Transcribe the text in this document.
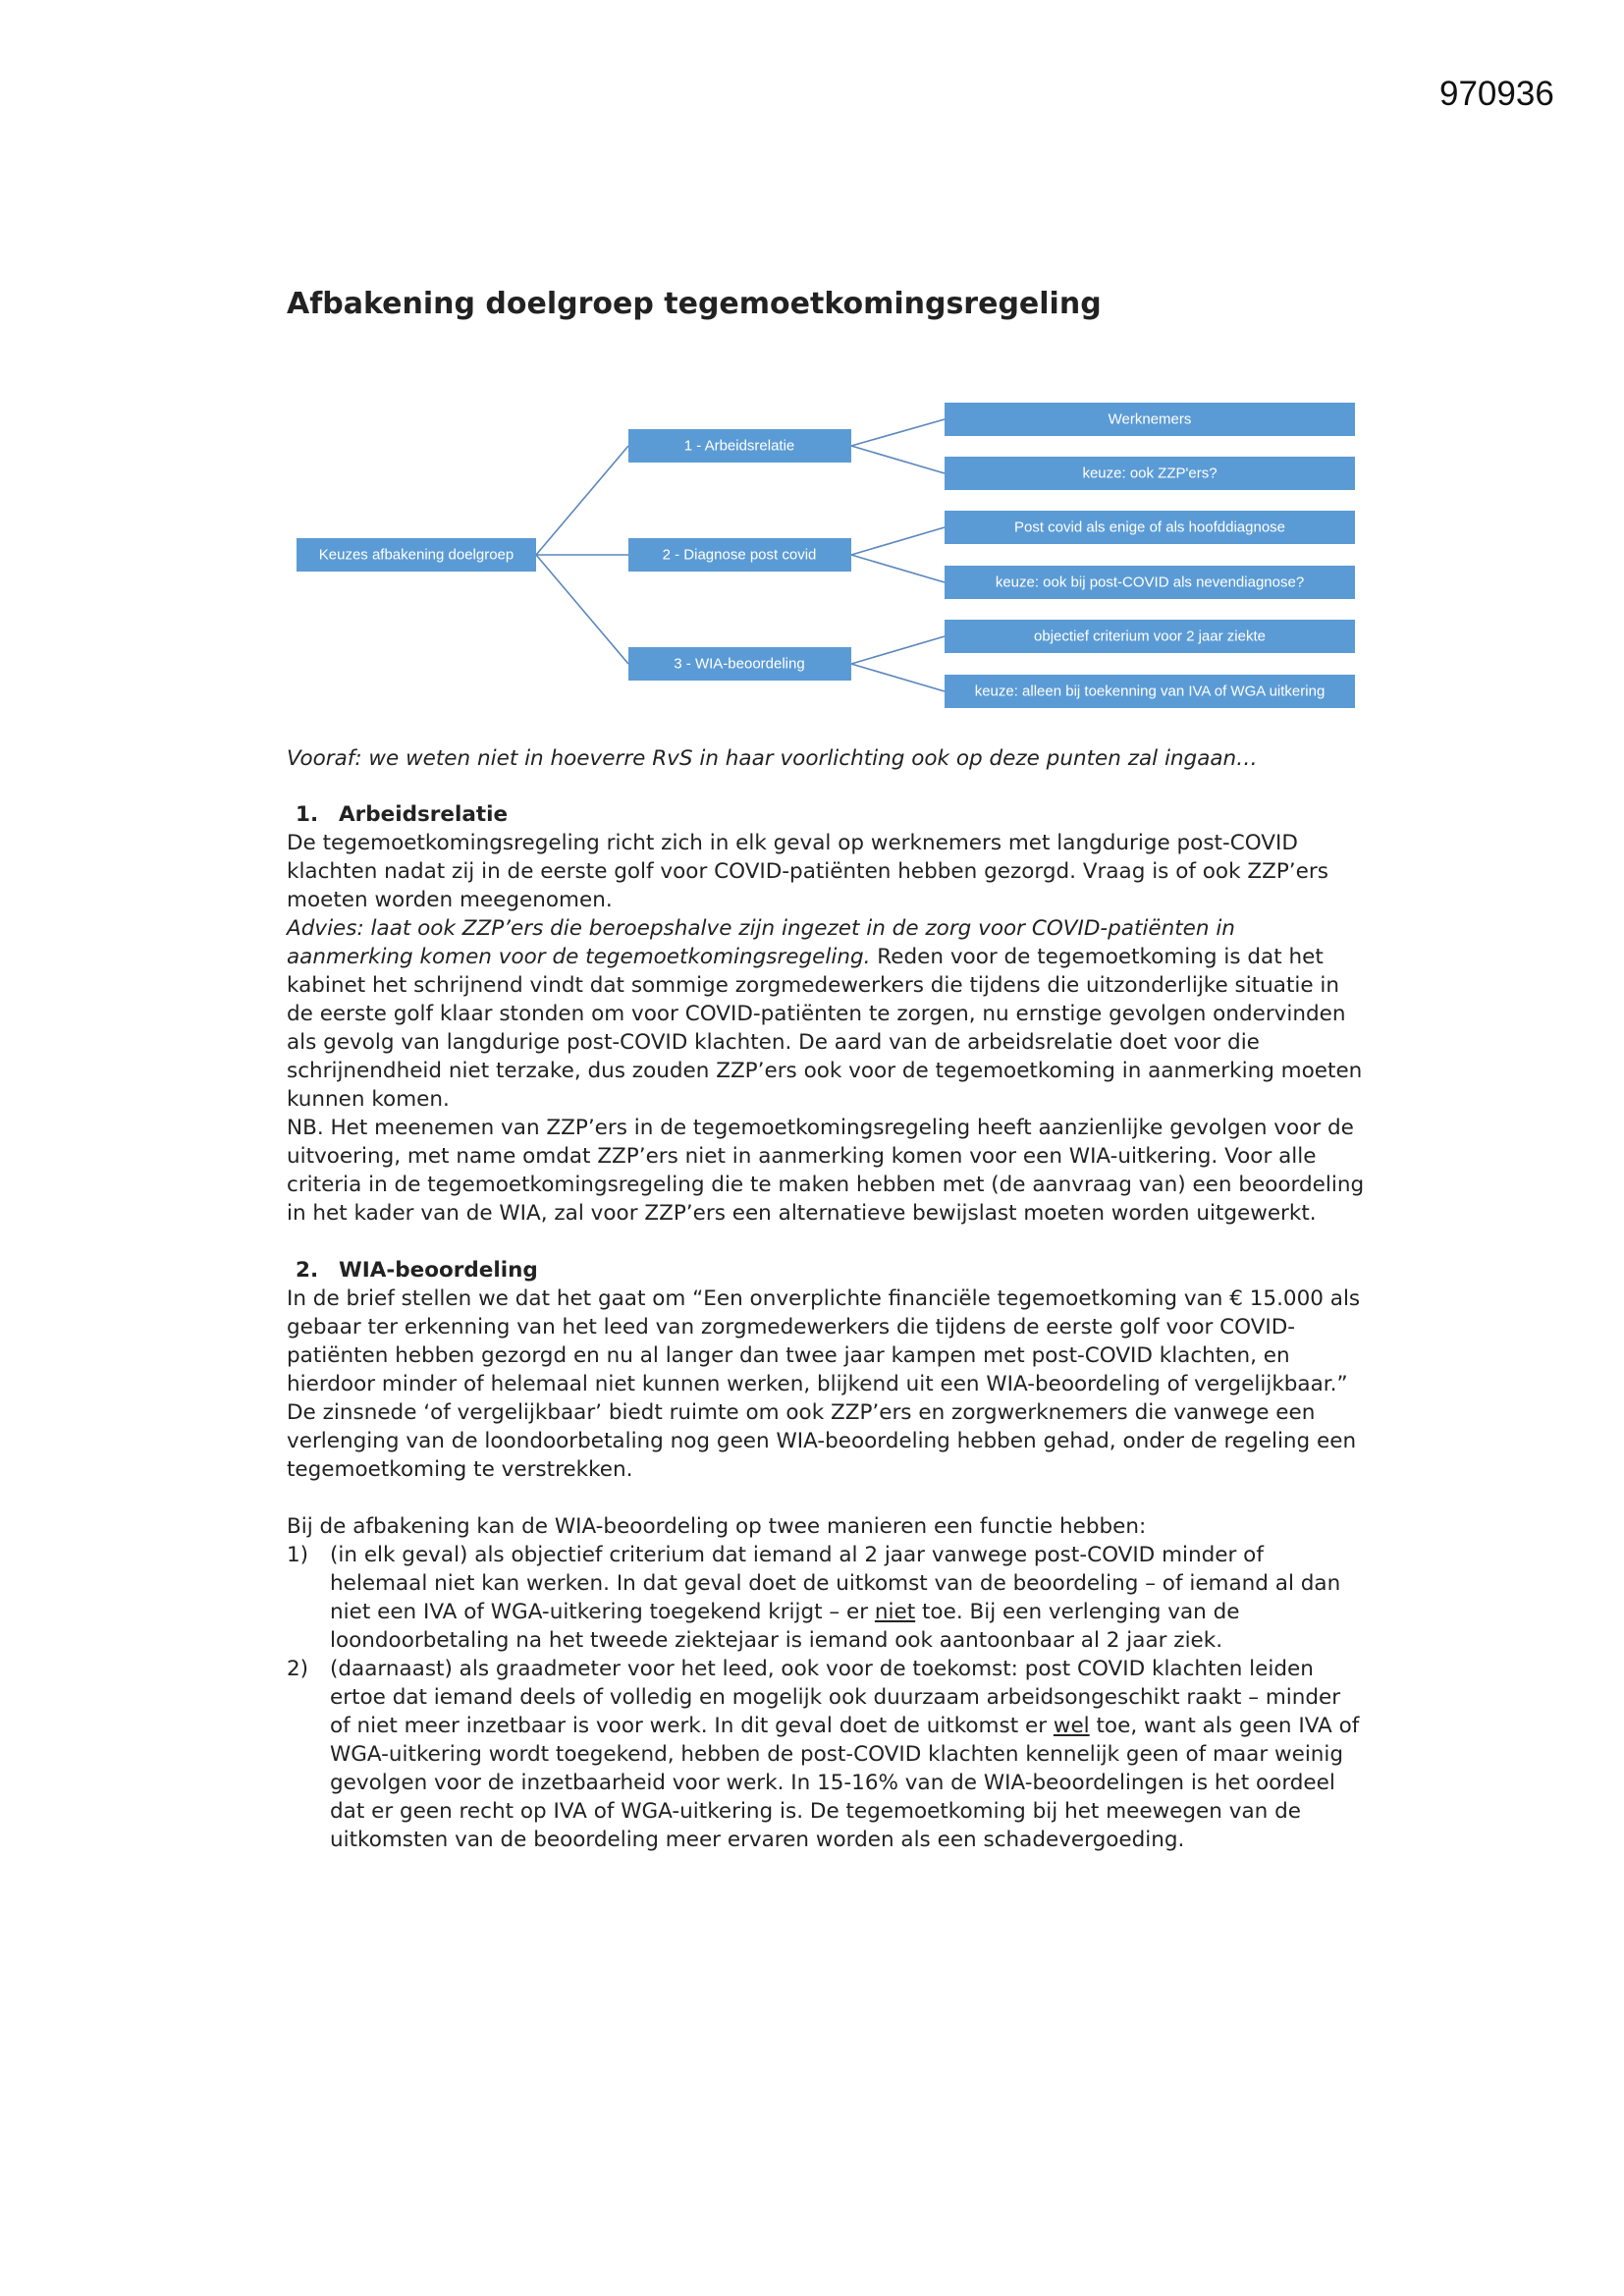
970936
Afbakening doelgroep tegemoetkomingsregeling
Keuzes afbakening doelgroep
1 - Arbeidsrelatie
2 - Diagnose post covid
3 - WIA-beoordeling
Werknemers
keuze: ook ZZP'ers?
Post covid als enige of als hoofddiagnose
keuze: ook bij post-COVID als nevendiagnose?
objectief criterium voor 2 jaar ziekte
keuze: alleen bij toekenning van IVA of WGA uitkering

Vooraf: we weten niet in hoeverre RvS in haar voorlichting ook op deze punten zal ingaan…

1. Arbeidsrelatie

De tegemoetkomingsregeling richt zich in elk geval op werknemers met langdurige post-COVID klachten nadat zij in de eerste golf voor COVID-patiënten hebben gezorgd. Vraag is of ook ZZP’ers moeten worden meegenomen.

Advies: laat ook ZZP’ers die beroepshalve zijn ingezet in de zorg voor COVID-patiënten in aanmerking komen voor de tegemoetkomingsregeling. Reden voor de tegemoetkoming is dat het kabinet het schrijnend vindt dat sommige zorgmedewerkers die tijdens die uitzonderlijke situatie in de eerste golf klaar stonden om voor COVID-patiënten te zorgen, nu ernstige gevolgen ondervinden als gevolg van langdurige post-COVID klachten. De aard van de arbeidsrelatie doet voor die schrijnendheid niet terzake, dus zouden ZZP’ers ook voor de tegemoetkoming in aanmerking moeten kunnen komen.

NB. Het meenemen van ZZP’ers in de tegemoetkomingsregeling heeft aanzienlijke gevolgen voor de uitvoering, met name omdat ZZP’ers niet in aanmerking komen voor een WIA-uitkering. Voor alle criteria in de tegemoetkomingsregeling die te maken hebben met (de aanvraag van) een beoordeling in het kader van de WIA, zal voor ZZP’ers een alternatieve bewijslast moeten worden uitgewerkt.

2. WIA-beoordeling

In de brief stellen we dat het gaat om “Een onverplichte financiële tegemoetkoming van € 15.000 als gebaar ter erkenning van het leed van zorgmedewerkers die tijdens de eerste golf voor COVID-patiënten hebben gezorgd en nu al langer dan twee jaar kampen met post-COVID klachten, en hierdoor minder of helemaal niet kunnen werken, blijkend uit een WIA-beoordeling of vergelijkbaar.” De zinsnede ‘of vergelijkbaar’ biedt ruimte om ook ZZP’ers en zorgwerknemers die vanwege een verlenging van de loondoorbetaling nog geen WIA-beoordeling hebben gehad, onder de regeling een tegemoetkoming te verstrekken.

Bij de afbakening kan de WIA-beoordeling op twee manieren een functie hebben:

1) (in elk geval) als objectief criterium dat iemand al 2 jaar vanwege post-COVID minder of helemaal niet kan werken. In dat geval doet de uitkomst van de beoordeling – of iemand al dan niet een IVA of WGA-uitkering toegekend krijgt – er niet toe. Bij een verlenging van de loondoorbetaling na het tweede ziektejaar is iemand ook aantoonbaar al 2 jaar ziek.
2) (daarnaast) als graadmeter voor het leed, ook voor de toekomst: post COVID klachten leiden ertoe dat iemand deels of volledig en mogelijk ook duurzaam arbeidsongeschikt raakt – minder of niet meer inzetbaar is voor werk. In dit geval doet de uitkomst er wel toe, want als geen IVA of WGA-uitkering wordt toegekend, hebben de post-COVID klachten kennelijk geen of maar weinig gevolgen voor de inzetbaarheid voor werk. In 15-16% van de WIA-beoordelingen is het oordeel dat er geen recht op IVA of WGA-uitkering is. De tegemoetkoming bij het meewegen van de uitkomsten van de beoordeling meer ervaren worden als een schadevergoeding.
